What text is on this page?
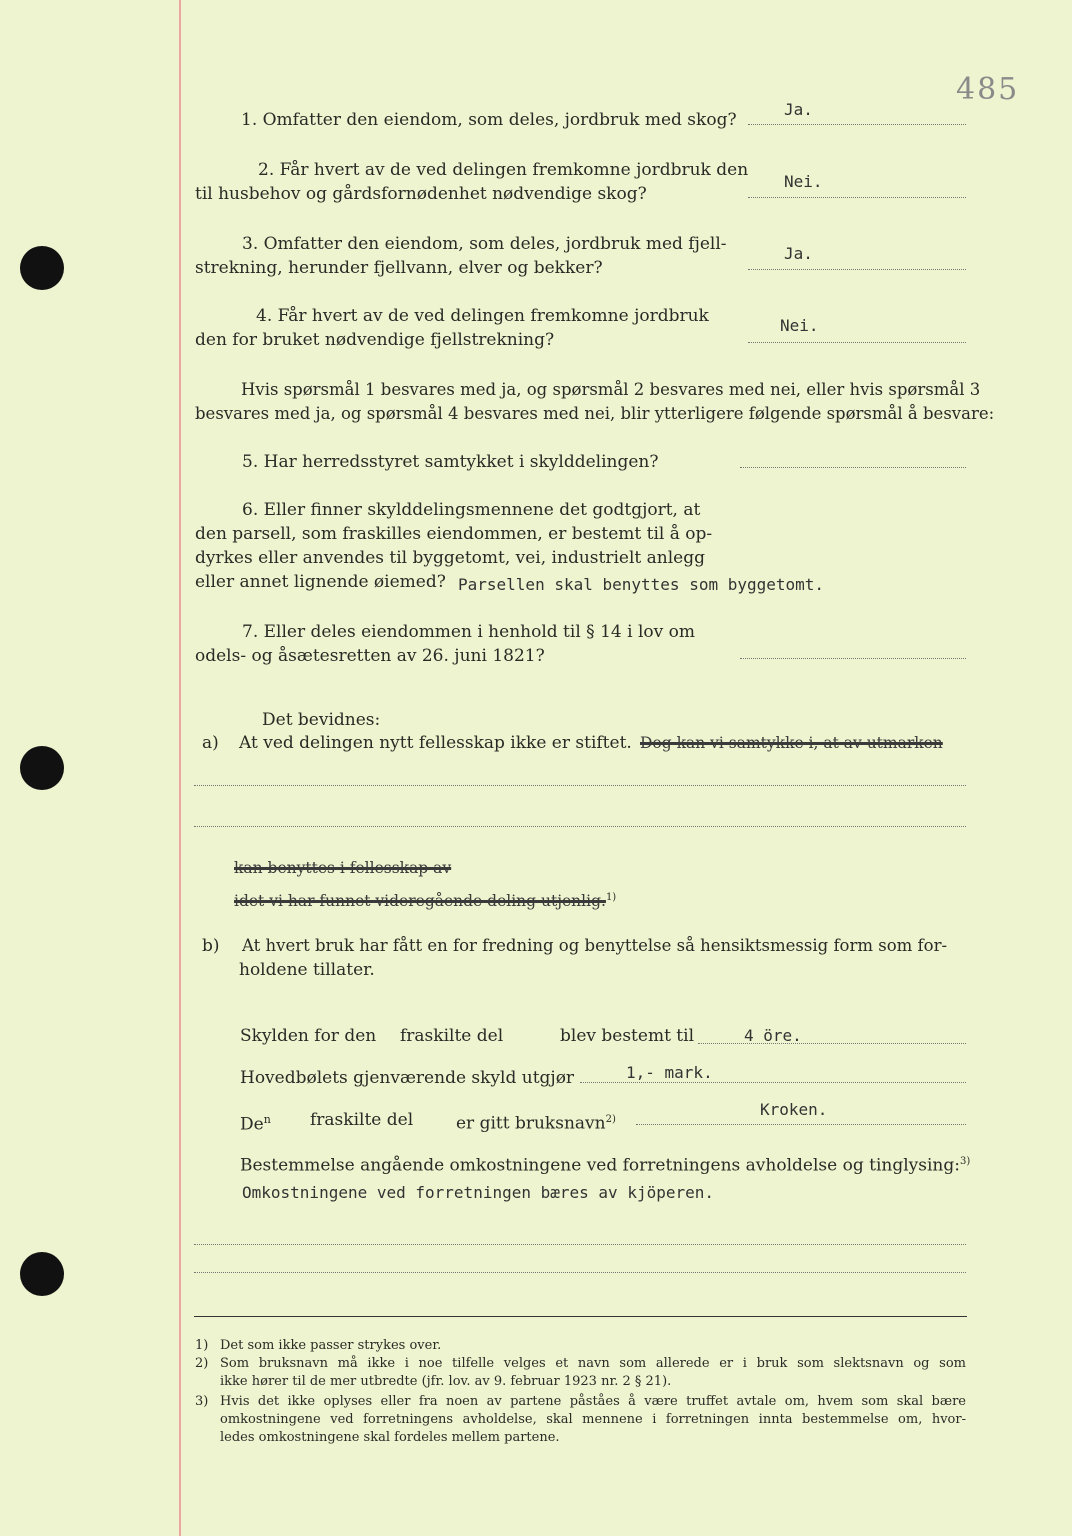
485
1. Omfatter den eiendom, som deles, jordbruk med skog?
Ja.
2. Får hvert av de ved delingen fremkomne jordbruk den
til husbehov og gårdsfornødenhet nødvendige skog?
Nei.
3. Omfatter den eiendom, som deles, jordbruk med fjell-
strekning, herunder fjellvann, elver og bekker?
Ja.
4. Får hvert av de ved delingen fremkomne jordbruk
den for bruket nødvendige fjellstrekning?
Nei.
Hvis spørsmål 1 besvares med ja, og spørsmål 2 besvares med nei, eller hvis spørsmål 3
besvares med ja, og spørsmål 4 besvares med nei, blir ytterligere følgende spørsmål å besvare:
5. Har herredsstyret samtykket i skylddelingen?
6. Eller finner skylddelingsmennene det godtgjort, at
den parsell, som fraskilles eiendommen, er bestemt til å op-
dyrkes eller anvendes til byggetomt, vei, industrielt anlegg
eller annet lignende øiemed? Parsellen skal benyttes som byggetomt.
7. Eller deles eiendommen i henhold til § 14 i lov om
odels- og åsætesretten av 26. juni 1821?
Det bevidnes:
a) At ved delingen nytt fellesskap ikke er stiftet. Dog kan vi samtykke i, at av utmarken
kan benyttes i fellesskap av
idet vi har funnet videregående deling utjenlig.$^{1)}$
b) At hvert bruk har fått en for fredning og benyttelse så hensiktsmessig form som for-
holdene tillater.
Skylden for den fraskilte del	blev bestemt til	4 öre.
Hovedbølets gjenværende skyld utgjør	1,- mark.
De$^n$ fraskilte del	er gitt bruksnavn$^{2)}$
Kroken.
Bestemmelse angående omkostningene ved forretningens avholdelse og tinglysing:$^{3)}$
Omkostningene ved forretningen bæres av kjöperen.
1) Det som ikke passer strykes over.
2) Som bruksnavn må ikke i noe tilfelle velges et navn som allerede er i bruk som slektsnavn og som
ikke hører til de mer utbredte (jfr. lov. av 9. februar 1923 nr. 2 § 21).
3) Hvis det ikke oplyses eller fra noen av partene påståes å være truffet avtale om, hvem som skal bære
omkostningene ved forretningens avholdelse, skal mennene i forretningen innta bestemmelse om, hvor-
ledes omkostningene skal fordeles mellem partene.
